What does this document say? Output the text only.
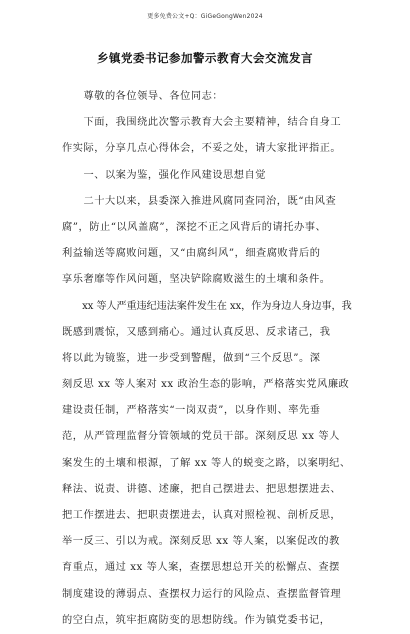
更多免费公文+Q：GiGeGongWen2024
乡镇党委书记参加警示教育大会交流发言
　　尊敬的各位领导、各位同志：
　　下面，我围绕此次警示教育大会主要精神，结合自身工
作实际，分享几点心得体会，不妥之处，请大家批评指正。
　　一、以案为鉴，强化作风建设思想自觉
　　二十大以来，县委深入推进风腐同查同治，既“由风查
腐”，防止“以风盖腐”，深挖不正之风背后的请托办事、
利益输送等腐败问题，又“由腐纠风”，细查腐败背后的
享乐奢靡等作风问题，坚决铲除腐败滋生的土壤和条件。
　　xx 等人严重违纪违法案件发生在 xx，作为身边人身边事，我
既感到震惊，又感到痛心。通过认真反思、反求诸己，我
将以此为镜鉴，进一步受到警醒，做到“三个反思”。深
刻反思 xx 等人案对 xx 政治生态的影响，严格落实党风廉政
建设责任制，严格落实“一岗双责”，以身作则、率先垂
范，从严管理监督分管领域的党员干部。深刻反思 xx 等人
案发生的土壤和根源，了解 xx 等人的蜕变之路，以案明纪、
释法、说责、讲德、述廉，把自己摆进去、把思想摆进去、
把工作摆进去、把职责摆进去，认真对照检视、剖析反思，
举一反三、引以为戒。深刻反思 xx 等人案，以案促改的教
育重点，通过 xx 等人案，查摆思想总开关的松懈点、查摆
制度建设的薄弱点、查摆权力运行的风险点、查摆监督管理
的空白点，筑牢拒腐防变的思想防线。作为镇党委书记，
